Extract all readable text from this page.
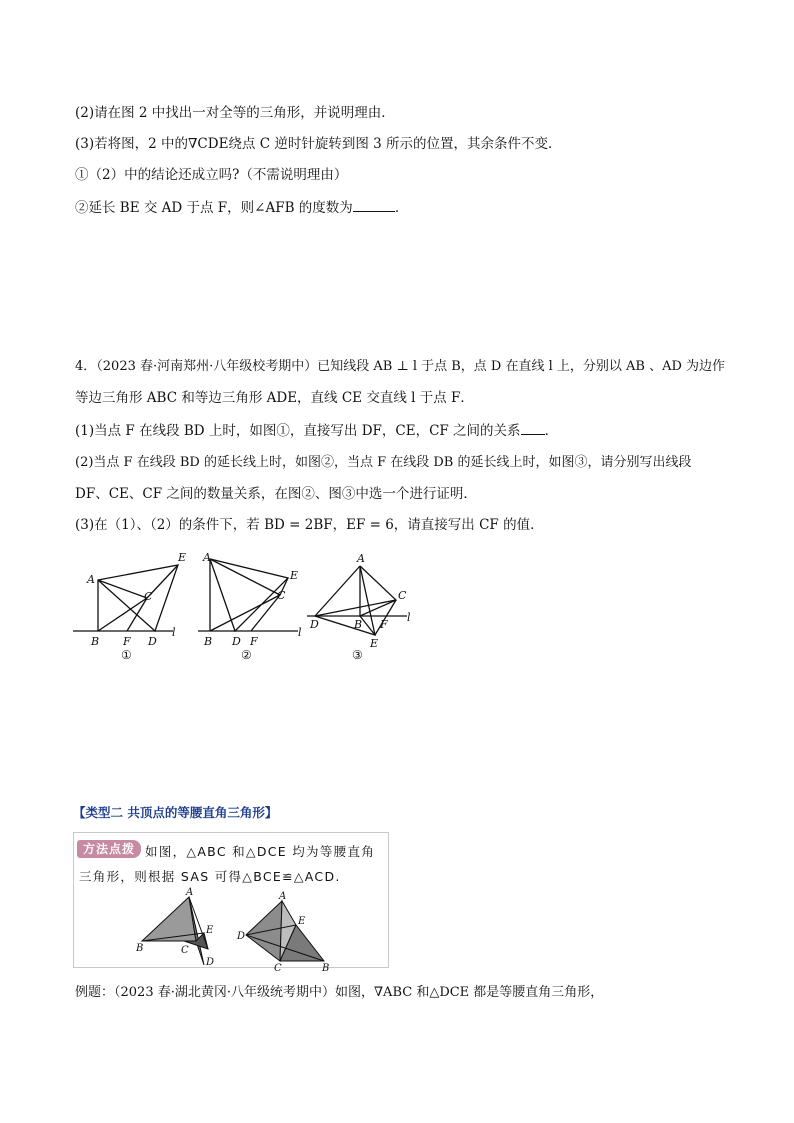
(2)请在图 2 中找出一对全等的三角形，并说明理由．
(3)若将图，2 中的∇CDE绕点 C 逆时针旋转到图 3 所示的位置，其余条件不变．
①（2）中的结论还成立吗?（不需说明理由）
②延长 BE 交 AD 于点 F，则∠AFB 的度数为	．
4．（2023 春·河南郑州·八年级校考期中）已知线段 AB ⊥ l 于点 B，点 D 在直线 l 上，分别以 AB 、AD 为边作
等边三角形 ABC 和等边三角形 ADE，直线 CE 交直线 l 于点 F．
(1)当点 F 在线段 BD 上时，如图①，直接写出 DF，CE，CF 之间的关系 ．
(2)当点 F 在线段 BD 的延长线上时，如图②，当点 F 在线段 DB 的延长线上时，如图③，请分别写出线段
DF、CE、CF 之间的数量关系，在图②、图③中选一个进行证明．
(3)在（1）、（2）的条件下，若 BD = 2BF，EF = 6，请直接写出 CF 的值．
A
E
C
B F D
l
A
E
C
B D F
l
A
C
D	B F
E
l
①	②	③
【类型二 共顶点的等腰直角三角形】
方法点拨 如图，△ABC 和△DCE 均为等腰直角三角形，则根据 SAS 可得△BCE≌△ACD.
A
B	C
E
D
A
D
E
C	B
例题：（2023 春·湖北黄冈·八年级统考期中）如图，∇ABC 和△DCE 都是等腰直角三角形，
